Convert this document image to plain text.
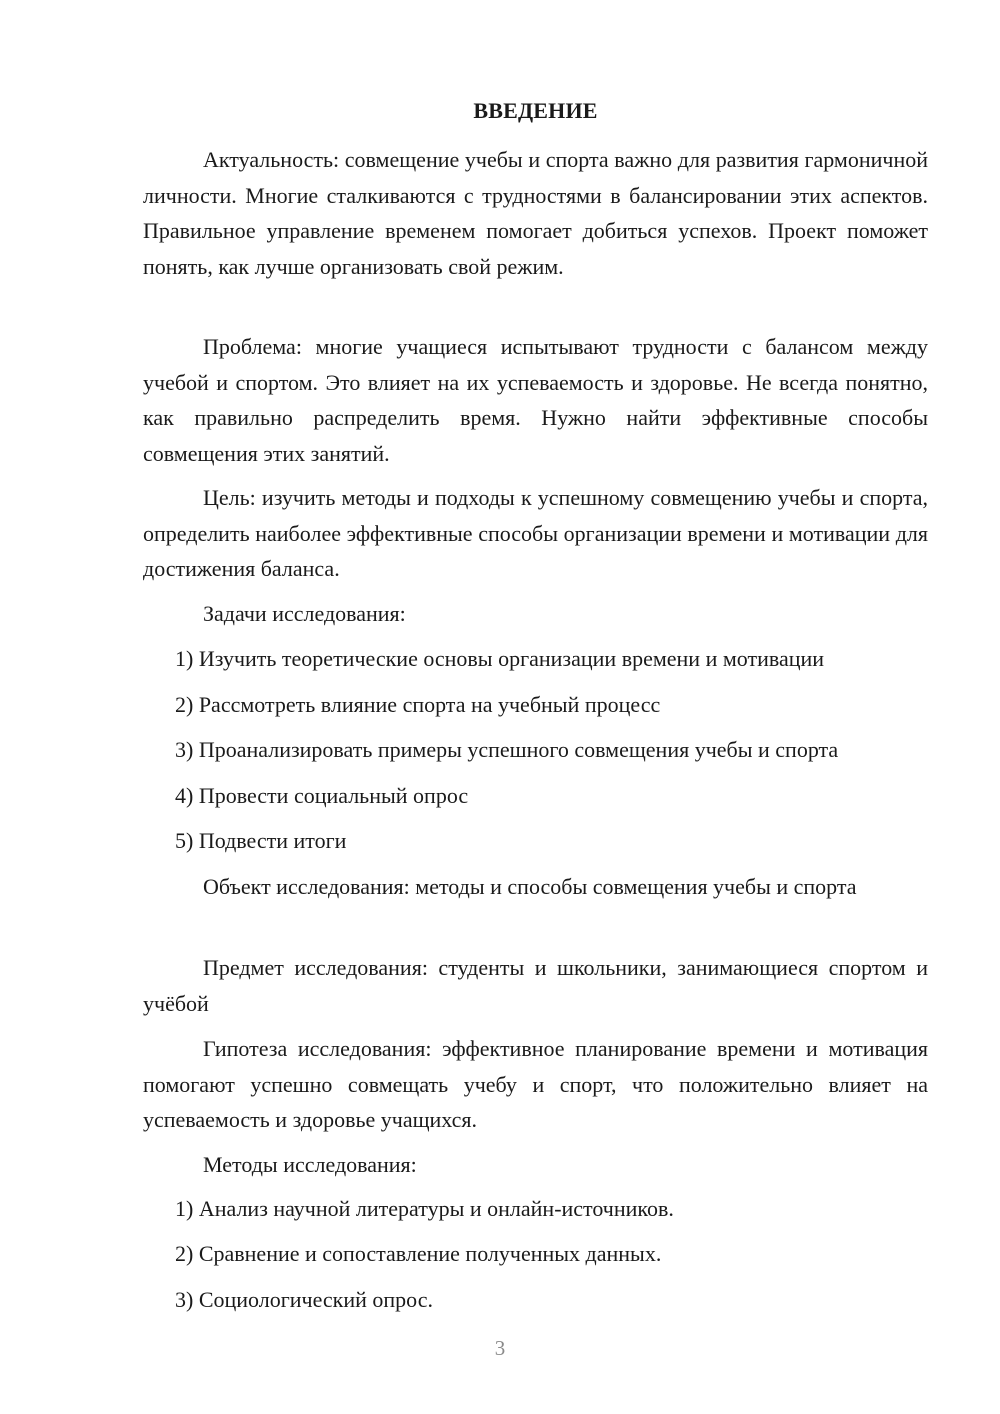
ВВЕДЕНИЕ

Актуальность: совмещение учебы и спорта важно для развития гармоничной личности. Многие сталкиваются с трудностями в балансировании этих аспектов. Правильное управление временем помогает добиться успехов. Проект поможет понять, как лучше организовать свой режим.

Проблема: многие учащиеся испытывают трудности с балансом между учебой и спортом. Это влияет на их успеваемость и здоровье. Не всегда понятно, как правильно распределить время. Нужно найти эффективные способы совмещения этих занятий.

Цель: изучить методы и подходы к успешному совмещению учебы и спорта, определить наиболее эффективные способы организации времени и мотивации для достижения баланса.

Задачи исследования:

1) Изучить теоретические основы организации времени и мотивации

2) Рассмотреть влияние спорта на учебный процесс

3) Проанализировать примеры успешного совмещения учебы и спорта

4) Провести социальный опрос

5) Подвести итоги

Объект исследования: методы и способы совмещения учебы и спорта

Предмет исследования: студенты и школьники, занимающиеся спортом и учёбой

Гипотеза исследования: эффективное планирование времени и мотивация помогают успешно совмещать учебу и спорт, что положительно влияет на успеваемость и здоровье учащихся.

Методы исследования:

1) Анализ научной литературы и онлайн-источников.

2) Сравнение и сопоставление полученных данных.

3) Социологический опрос.

3
